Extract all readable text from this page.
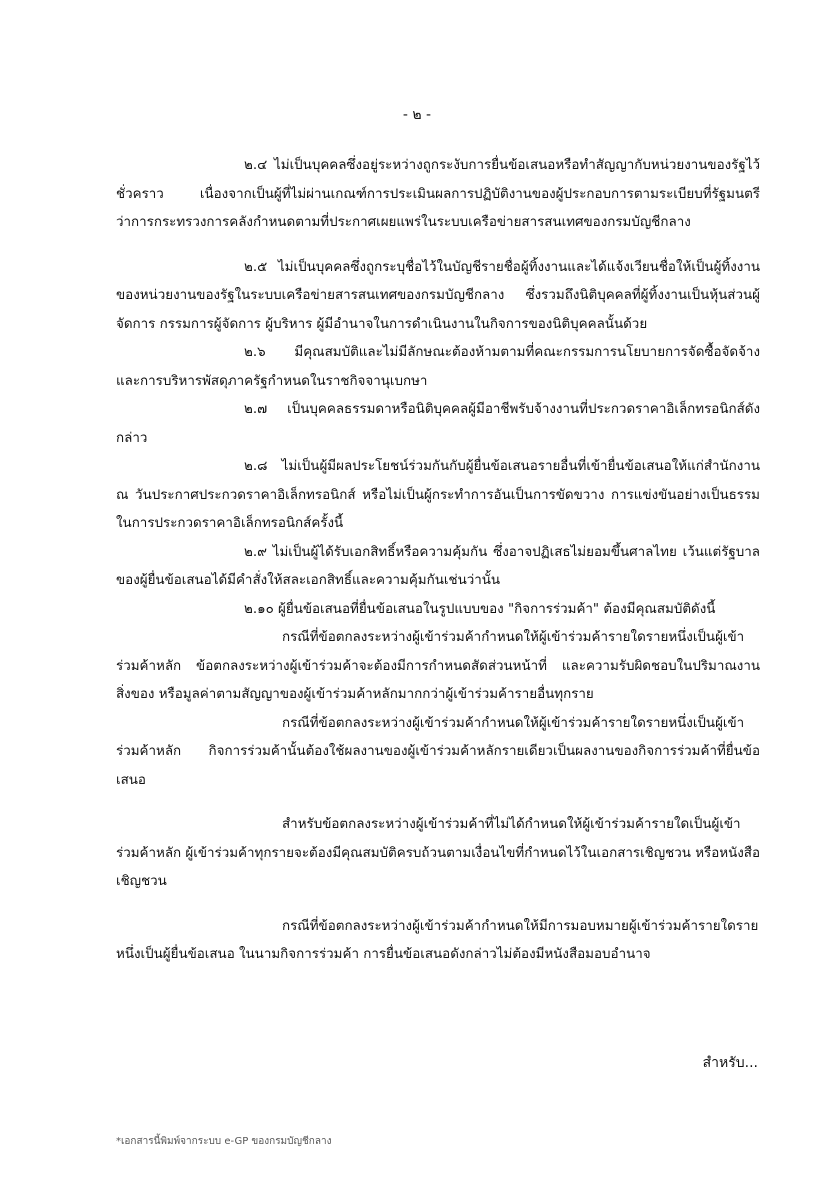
- ๒ -

๒.๔ ไม่เป็นบุคคลซึ่งอยู่ระหว่างถูกระงับการยื่นข้อเสนอหรือทำสัญญากับหน่วยงานของรัฐไว้ชั่วคราว เนื่องจากเป็นผู้ที่ไม่ผ่านเกณฑ์การประเมินผลการปฏิบัติงานของผู้ประกอบการตามระเบียบที่รัฐมนตรีว่าการกระทรวงการคลังกำหนดตามที่ประกาศเผยแพร่ในระบบเครือข่ายสารสนเทศของกรมบัญชีกลาง

๒.๕ ไม่เป็นบุคคลซึ่งถูกระบุชื่อไว้ในบัญชีรายชื่อผู้ทิ้งงานและได้แจ้งเวียนชื่อให้เป็นผู้ทิ้งงานของหน่วยงานของรัฐในระบบเครือข่ายสารสนเทศของกรมบัญชีกลาง ซึ่งรวมถึงนิติบุคคลที่ผู้ทิ้งงานเป็นหุ้นส่วนผู้จัดการ กรรมการผู้จัดการ ผู้บริหาร ผู้มีอำนาจในการดำเนินงานในกิจการของนิติบุคคลนั้นด้วย

๒.๖ มีคุณสมบัติและไม่มีลักษณะต้องห้ามตามที่คณะกรรมการนโยบายการจัดซื้อจัดจ้าง และการบริหารพัสดุภาครัฐกำหนดในราชกิจจานุเบกษา

๒.๗ เป็นบุคคลธรรมดาหรือนิติบุคคลผู้มีอาชีพรับจ้างงานที่ประกวดราคาอิเล็กทรอนิกส์ดังกล่าว

๒.๘ ไม่เป็นผู้มีผลประโยชน์ร่วมกันกับผู้ยื่นข้อเสนอรายอื่นที่เข้ายื่นข้อเสนอให้แก่สำนักงาน ณ วันประกาศประกวดราคาอิเล็กทรอนิกส์ หรือไม่เป็นผู้กระทำการอันเป็นการขัดขวาง การแข่งขันอย่างเป็นธรรมในการประกวดราคาอิเล็กทรอนิกส์ครั้งนี้

๒.๙ ไม่เป็นผู้ได้รับเอกสิทธิ์หรือความคุ้มกัน ซึ่งอาจปฏิเสธไม่ยอมขึ้นศาลไทย เว้นแต่รัฐบาล ของผู้ยื่นข้อเสนอได้มีคำสั่งให้สละเอกสิทธิ์และความคุ้มกันเช่นว่านั้น

๒.๑๐ ผู้ยื่นข้อเสนอที่ยื่นข้อเสนอในรูปแบบของ "กิจการร่วมค้า" ต้องมีคุณสมบัติดังนี้

กรณีที่ข้อตกลงระหว่างผู้เข้าร่วมค้ากำหนดให้ผู้เข้าร่วมค้ารายใดรายหนึ่งเป็นผู้เข้าร่วมค้าหลัก ข้อตกลงระหว่างผู้เข้าร่วมค้าจะต้องมีการกำหนดสัดส่วนหน้าที่ และความรับผิดชอบในปริมาณงาน สิ่งของ หรือมูลค่าตามสัญญาของผู้เข้าร่วมค้าหลักมากกว่าผู้เข้าร่วมค้ารายอื่นทุกราย

กรณีที่ข้อตกลงระหว่างผู้เข้าร่วมค้ากำหนดให้ผู้เข้าร่วมค้ารายใดรายหนึ่งเป็นผู้เข้าร่วมค้าหลัก กิจการร่วมค้านั้นต้องใช้ผลงานของผู้เข้าร่วมค้าหลักรายเดียวเป็นผลงานของกิจการร่วมค้าที่ยื่นข้อเสนอ

สำหรับข้อตกลงระหว่างผู้เข้าร่วมค้าที่ไม่ได้กำหนดให้ผู้เข้าร่วมค้ารายใดเป็นผู้เข้าร่วมค้าหลัก ผู้เข้าร่วมค้าทุกรายจะต้องมีคุณสมบัติครบถ้วนตามเงื่อนไขที่กำหนดไว้ในเอกสารเชิญชวน หรือหนังสือเชิญชวน

กรณีที่ข้อตกลงระหว่างผู้เข้าร่วมค้ากำหนดให้มีการมอบหมายผู้เข้าร่วมค้ารายใดรายหนึ่งเป็นผู้ยื่นข้อเสนอ ในนามกิจการร่วมค้า การยื่นข้อเสนอดังกล่าวไม่ต้องมีหนังสือมอบอำนาจ

สำหรับ...
*เอกสารนี้พิมพ์จากระบบ e-GP ของกรมบัญชีกลาง
